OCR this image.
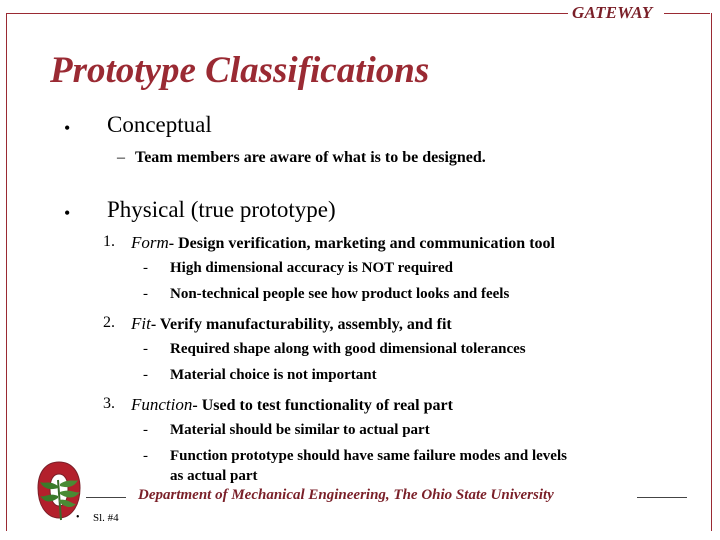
GATEWAY
Prototype Classifications
• Conceptual
– Team members are aware of what is to be designed.
• Physical (true prototype)
1. Form- Design verification, marketing and communication tool
- High dimensional accuracy is NOT required
- Non-technical people see how product looks and feels
2. Fit- Verify manufacturability, assembly, and fit
- Required shape along with good dimensional tolerances
- Material choice is not important
3. Function- Used to test functionality of real part
- Material should be similar to actual part
- Function prototype should have same failure modes and levels
as actual part
Department of Mechanical Engineering, The Ohio State University
• Sl. #4
